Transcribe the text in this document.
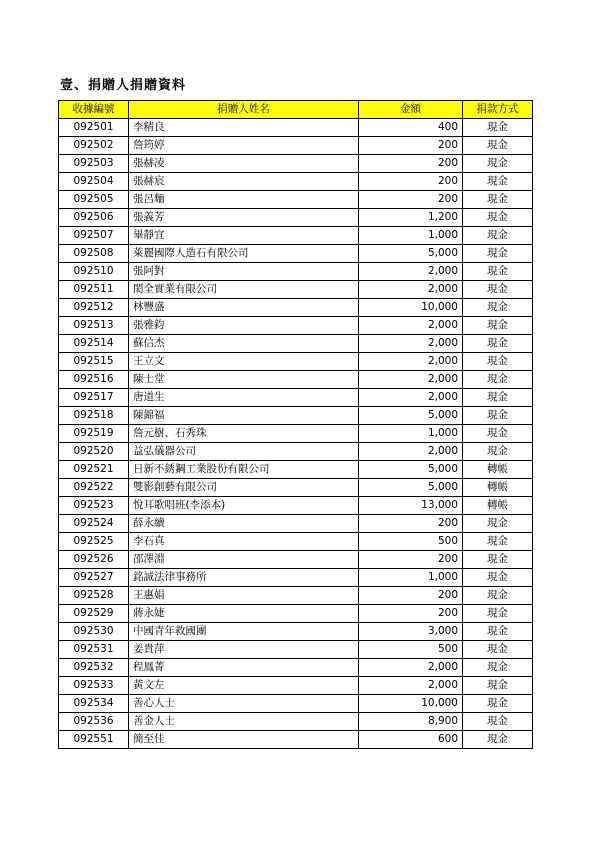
壹、捐贈人捐贈資料
收據編號	捐贈人姓名	金額	捐款方式
092501	李精良	400	現金
092502	詹筠婷	200	現金
092503	張赫凌	200	現金
092504	張赫宸	200	現金
092505	張呂麵	200	現金
092506	張義芳	1,200	現金
092507	畢靜宜	1,000	現金
092508	萊麗國際人造石有限公司	5,000	現金
092510	張阿對	2,000	現金
092511	閎全實業有限公司	2,000	現金
092512	林豐盛	10,000	現金
092513	張雅鈞	2,000	現金
092514	蘇信杰	2,000	現金
092515	王立文	2,000	現金
092516	陳士堂	2,000	現金
092517	唐道生	2,000	現金
092518	陳錦福	5,000	現金
092519	詹元樹、石秀珠	1,000	現金
092520	益弘儀器公司	2,000	現金
092521	日新不銹鋼工業股份有限公司	5,000	轉帳
092522	雙影創藝有限公司	5,000	轉帳
092523	悅耳歌唱班(李添本)	13,000	轉帳
092524	薛永續	200	現金
092525	李石真	500	現金
092526	邵澤淵	200	現金
092527	銘誠法律事務所	1,000	現金
092528	王惠娟	200	現金
092529	蔣永婕	200	現金
092530	中國青年救國團	3,000	現金
092531	姜貴萍	500	現金
092532	程鳳菁	2,000	現金
092533	黃文左	2,000	現金
092534	善心人士	10,000	現金
092536	善金人士	8,900	現金
092551	簡至佳	600	現金
